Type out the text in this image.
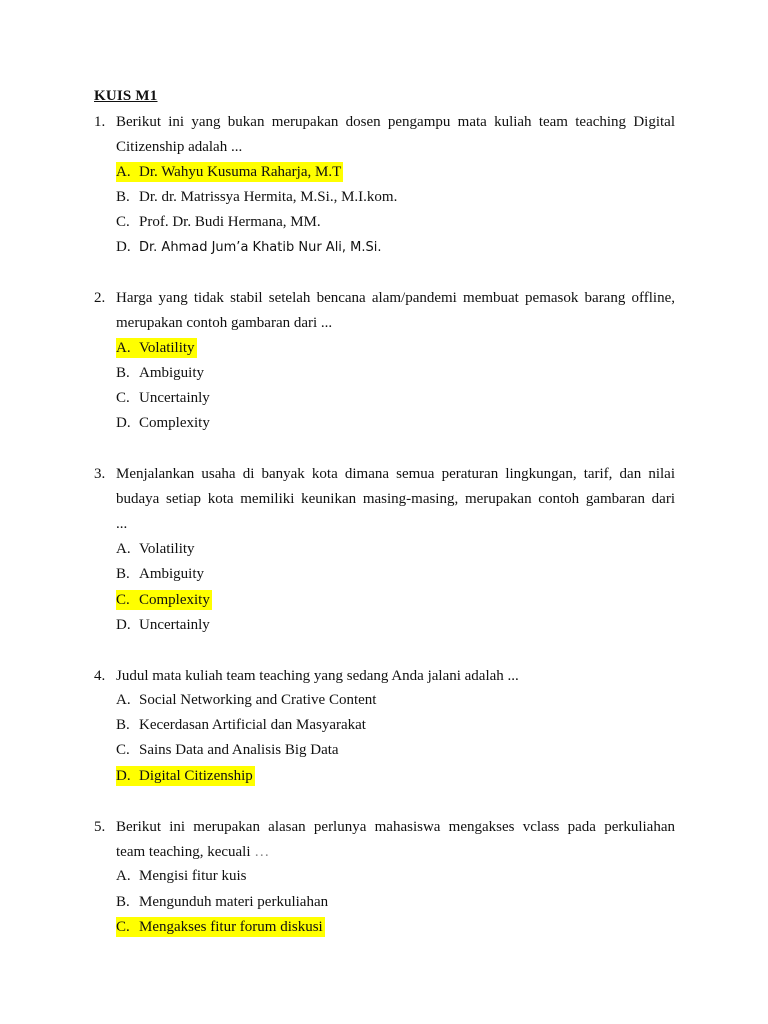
KUIS M1
1. Berikut ini yang bukan merupakan dosen pengampu mata kuliah team teaching Digital
Citizenship adalah ...
A. Dr. Wahyu Kusuma Raharja, M.T
B. Dr. dr. Matrissya Hermita, M.Si., M.I.kom.
C. Prof. Dr. Budi Hermana, MM.
D. Dr. Ahmad Jum’a Khatib Nur Ali, M.Si.
2. Harga yang tidak stabil setelah bencana alam/pandemi membuat pemasok barang offline,
merupakan contoh gambaran dari ...
A. Volatility
B. Ambiguity
C. Uncertainly
D. Complexity
3. Menjalankan usaha di banyak kota dimana semua peraturan lingkungan, tarif, dan nilai
budaya setiap kota memiliki keunikan masing-masing, merupakan contoh gambaran dari
...
A. Volatility
B. Ambiguity
C. Complexity
D. Uncertainly
4. Judul mata kuliah team teaching yang sedang Anda jalani adalah ...
A. Social Networking and Crative Content
B. Kecerdasan Artificial dan Masyarakat
C. Sains Data and Analisis Big Data
D. Digital Citizenship
5. Berikut ini merupakan alasan perlunya mahasiswa mengakses vclass pada perkuliahan
team teaching, kecuali …
A. Mengisi fitur kuis
B. Mengunduh materi perkuliahan
C. Mengakses fitur forum diskusi
